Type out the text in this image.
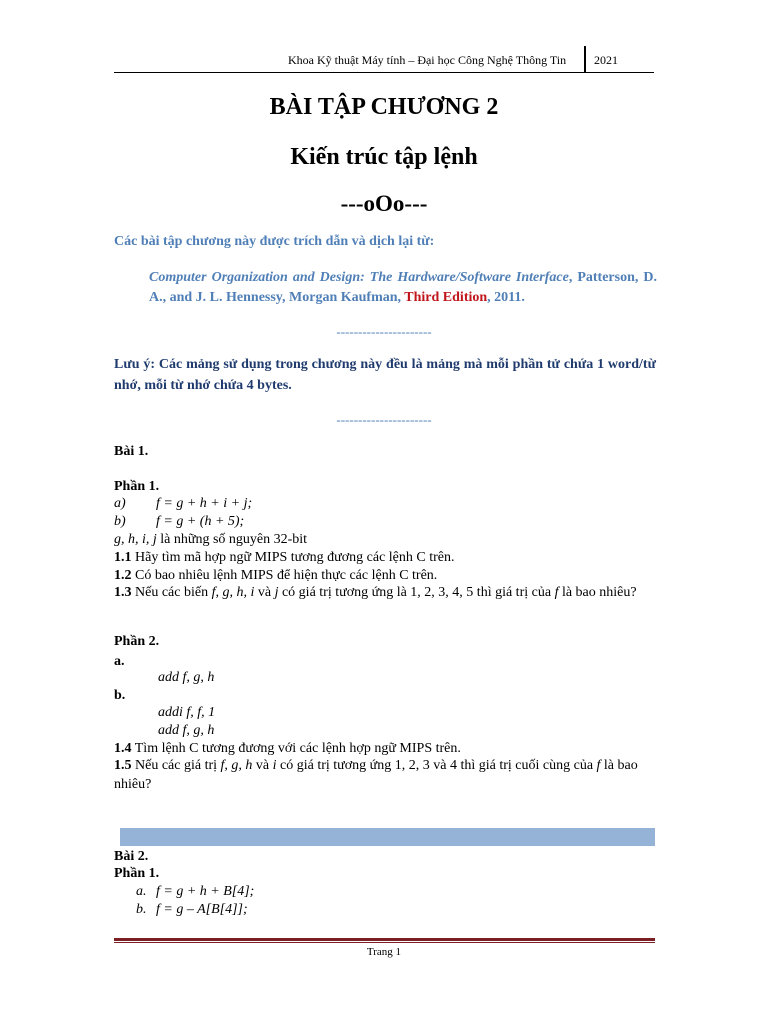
Khoa Kỹ thuật Máy tính – Đại học Công Nghệ Thông Tin 2021
BÀI TẬP CHƯƠNG 2
Kiến trúc tập lệnh
---oOo---
Các bài tập chương này được trích dẫn và dịch lại từ:
Computer Organization and Design: The Hardware/Software Interface, Patterson, D. A., and J. L. Hennessy, Morgan Kaufman, Third Edition, 2011.
----------------------
Lưu ý: Các mảng sử dụng trong chương này đều là mảng mà mỗi phần tử chứa 1 word/từ nhớ, mỗi từ nhớ chứa 4 bytes.
----------------------
Bài 1.
Phần 1.
a) f = g + h + i + j;
b) f = g + (h + 5);
g, h, i, j là những số nguyên 32-bit
1.1 Hãy tìm mã hợp ngữ MIPS tương đương các lệnh C trên.
1.2 Có bao nhiêu lệnh MIPS để hiện thực các lệnh C trên.
1.3 Nếu các biến f, g, h, i và j có giá trị tương ứng là 1, 2, 3, 4, 5 thì giá trị của f là bao nhiêu?
Phần 2.
a.
add f, g, h
b.
addi f, f, 1
add f, g, h
1.4 Tìm lệnh C tương đương với các lệnh hợp ngữ MIPS trên.
1.5 Nếu các giá trị f, g, h và i có giá trị tương ứng 1, 2, 3 và 4 thì giá trị cuối cùng của f là bao nhiêu?
Bài 2.
Phần 1.
a. f = g + h + B[4];
b. f = g – A[B[4]];
Trang 1
